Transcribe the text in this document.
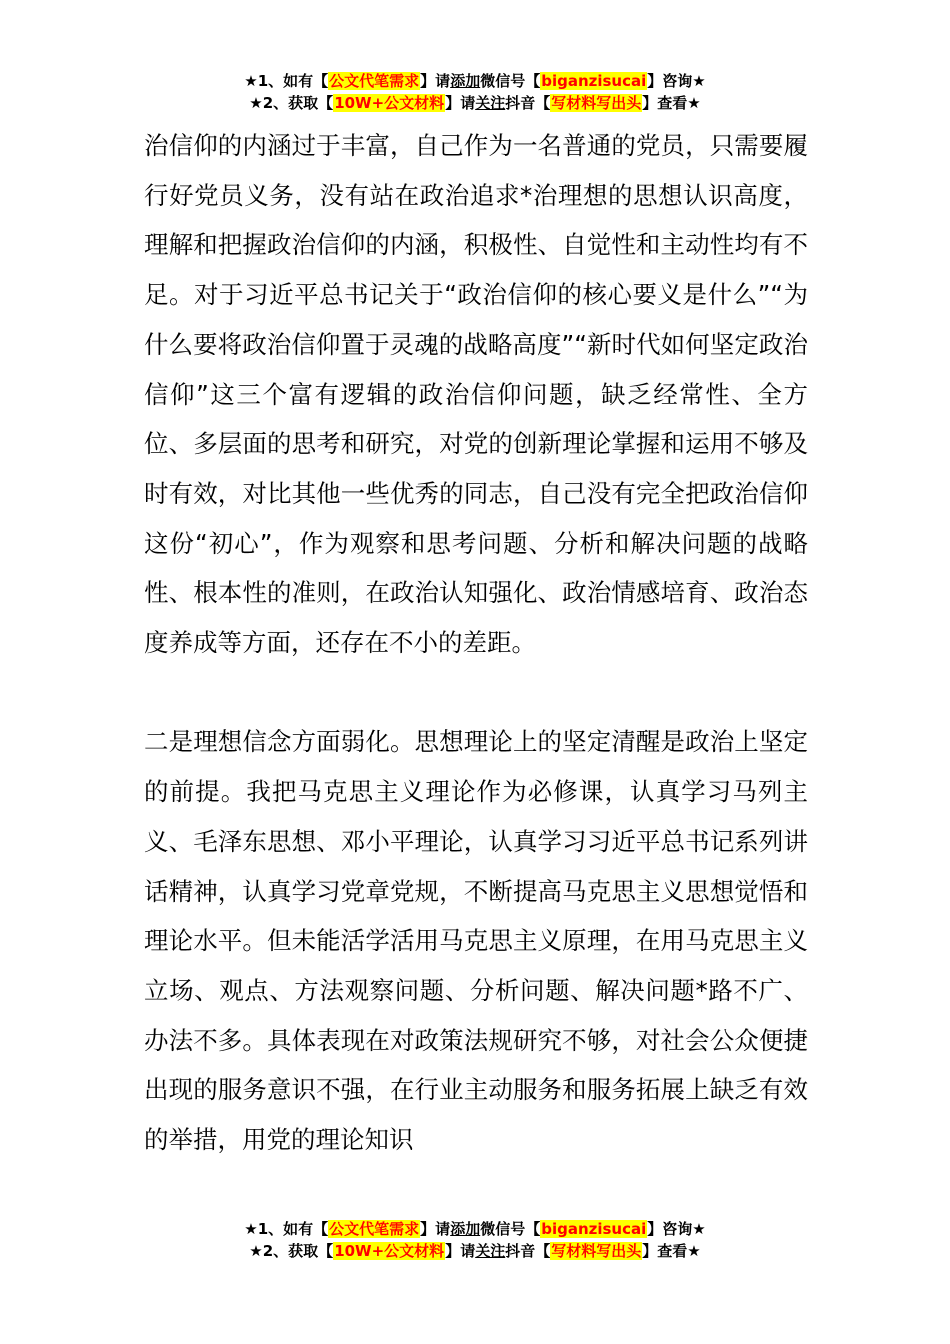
★1、如有【公文代笔需求】请添加微信号【biganzisucai】咨询★
★2、获取【10W+公文材料】请关注抖音【写材料写出头】查看★

治信仰的内涵过于丰富，自己作为一名普通的党员，只需要履行好党员义务，没有站在政治追求*治理想的思想认识高度，理解和把握政治信仰的内涵，积极性、自觉性和主动性均有不足。对于习近平总书记关于“政治信仰的核心要义是什么”“为什么要将政治信仰置于灵魂的战略高度”“新时代如何坚定政治信仰”这三个富有逻辑的政治信仰问题，缺乏经常性、全方位、多层面的思考和研究，对党的创新理论掌握和运用不够及时有效，对比其他一些优秀的同志，自己没有完全把政治信仰这份“初心”，作为观察和思考问题、分析和解决问题的战略性、根本性的准则，在政治认知强化、政治情感培育、政治态度养成等方面，还存在不小的差距。

二是理想信念方面弱化。思想理论上的坚定清醒是政治上坚定的前提。我把马克思主义理论作为必修课，认真学习马列主义、毛泽东思想、邓小平理论，认真学习习近平总书记系列讲话精神，认真学习党章党规，不断提高马克思主义思想觉悟和理论水平。但未能活学活用马克思主义原理，在用马克思主义立场、观点、方法观察问题、分析问题、解决问题*路不广、办法不多。具体表现在对政策法规研究不够，对社会公众便捷出现的服务意识不强，在行业主动服务和服务拓展上缺乏有效的举措，用党的理论知识

★1、如有【公文代笔需求】请添加微信号【biganzisucai】咨询★
★2、获取【10W+公文材料】请关注抖音【写材料写出头】查看★
